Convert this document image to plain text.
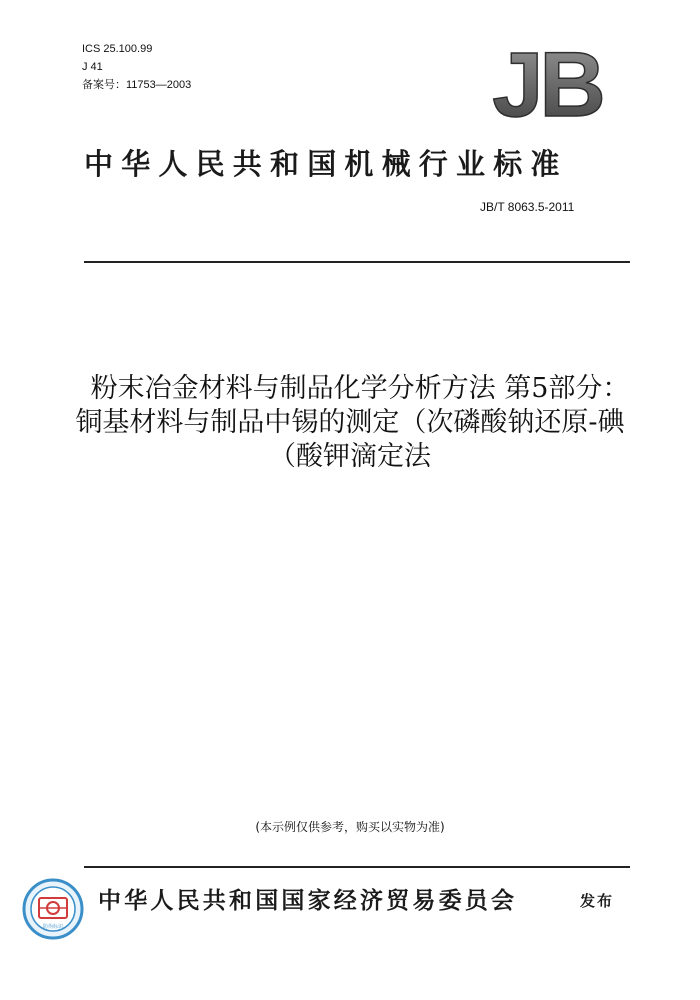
ICS 25.100.99
J 41
备案号：11753—2003	JB
中华人民共和国机械行业标准
JB/T 8063.5-2011
粉末冶金材料与制品化学分析方法 第5部分：
铜基材料与制品中锡的测定（次磷酸钠还原-碘
（酸钾滴定法
(本示例仅供参考，购买以实物为准)
防伪标识
中华人民共和国国家经济贸易委员会	发布
